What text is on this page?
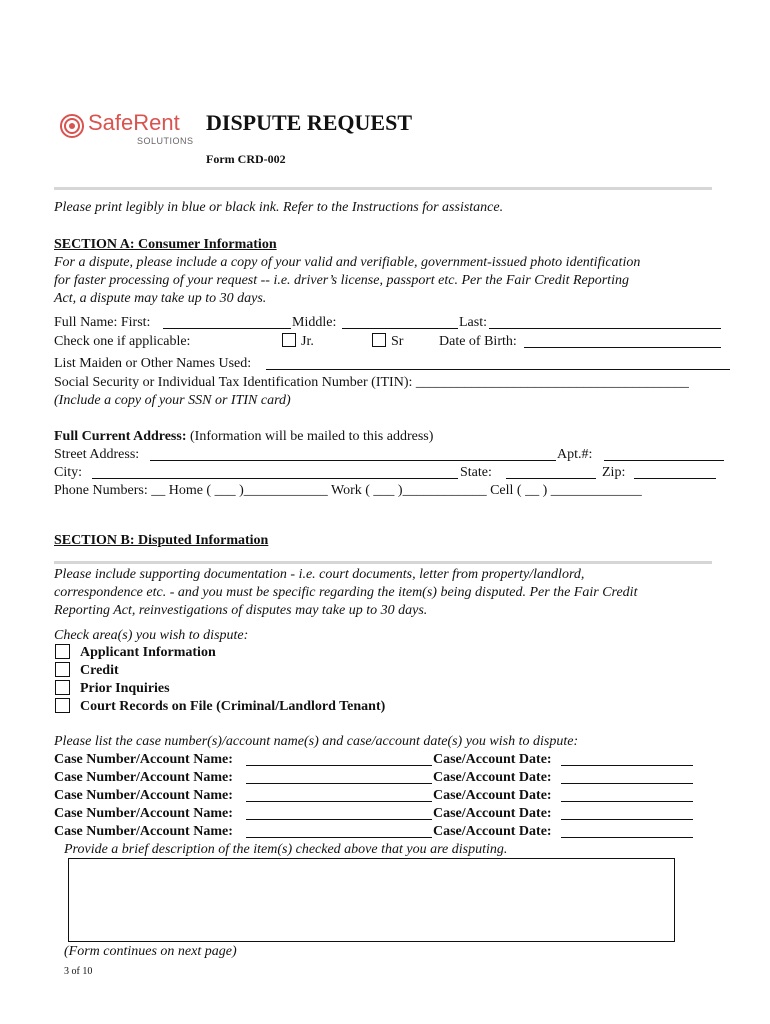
SafeRent
SOLUTIONS
DISPUTE REQUEST
Form CRD-002
Please print legibly in blue or black ink. Refer to the Instructions for assistance.
SECTION A: Consumer Information
For a dispute, please include a copy of your valid and verifiable, government-issued photo identification
for faster processing of your request -- i.e. driver’s license, passport etc. Per the Fair Credit Reporting
Act, a dispute may take up to 30 days.
Full Name: First:	Middle:	Last:
Check one if applicable:	Jr.	Sr	Date of Birth:
List Maiden or Other Names Used:
Social Security or Individual Tax Identification Number (ITIN): _______________________________________
(Include a copy of your SSN or ITIN card)
Full Current Address: (Information will be mailed to this address)
Street Address:	Apt.#:
City:	State:	Zip:
Phone Numbers: __ Home ( ___ )____________ Work ( ___ )____________ Cell ( __ ) _____________
SECTION B: Disputed Information
Please include supporting documentation - i.e. court documents, letter from property/landlord,
correspondence etc. - and you must be specific regarding the item(s) being disputed. Per the Fair Credit
Reporting Act, reinvestigations of disputes may take up to 30 days.
Check area(s) you wish to dispute:
Applicant Information
Credit
Prior Inquiries
Court Records on File (Criminal/Landlord Tenant)
Please list the case number(s)/account name(s) and case/account date(s) you wish to dispute:
Case Number/Account Name:	Case/Account Date:
Case Number/Account Name:	Case/Account Date:
Case Number/Account Name:	Case/Account Date:
Case Number/Account Name:	Case/Account Date:
Case Number/Account Name:	Case/Account Date:
Provide a brief description of the item(s) checked above that you are disputing.
(Form continues on next page)
3 of 10
